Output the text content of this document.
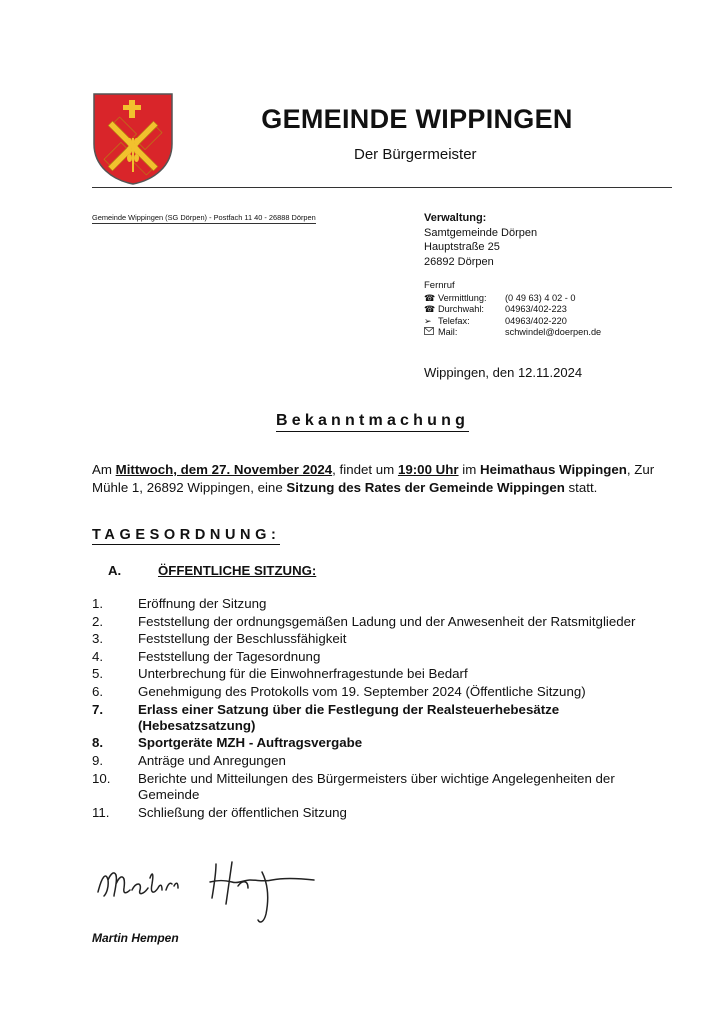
GEMEINDE WIPPINGEN
Der Bürgermeister
Gemeinde Wippingen (SG Dörpen) - Postfach 11 40 - 26888 Dörpen	Verwaltung:
Samtgemeinde Dörpen
Hauptstraße 25
26892 Dörpen
Fernruf
☎ Vermittlung:	(0 49 63) 4 02 - 0
☎ Durchwahl:	04963/402-223
➢ Telefax:	04963/402-220
Mail:	schwindel@doerpen.de
Wippingen, den 12.11.2024
Bekanntmachung
Am Mittwoch, dem 27. November 2024, findet um 19:00 Uhr im Heimathaus Wippingen, Zur Mühle 1, 26892 Wippingen, eine Sitzung des Rates der Gemeinde Wippingen statt.
TAGESORDNUNG:
A.	ÖFFENTLICHE SITZUNG:
1.	Eröffnung der Sitzung
2.	Feststellung der ordnungsgemäßen Ladung und der Anwesenheit der Ratsmitglieder
3.	Feststellung der Beschlussfähigkeit
4.	Feststellung der Tagesordnung
5.	Unterbrechung für die Einwohnerfragestunde bei Bedarf
6.	Genehmigung des Protokolls vom 19. September 2024 (Öffentliche Sitzung)
7.	Erlass einer Satzung über die Festlegung der Realsteuerhebesätze (Hebesatzsatzung)
8.	Sportgeräte MZH - Auftragsvergabe
9.	Anträge und Anregungen
10.	Berichte und Mitteilungen des Bürgermeisters über wichtige Angelegenheiten der Gemeinde
11.	Schließung der öffentlichen Sitzung
Martin Hempen
